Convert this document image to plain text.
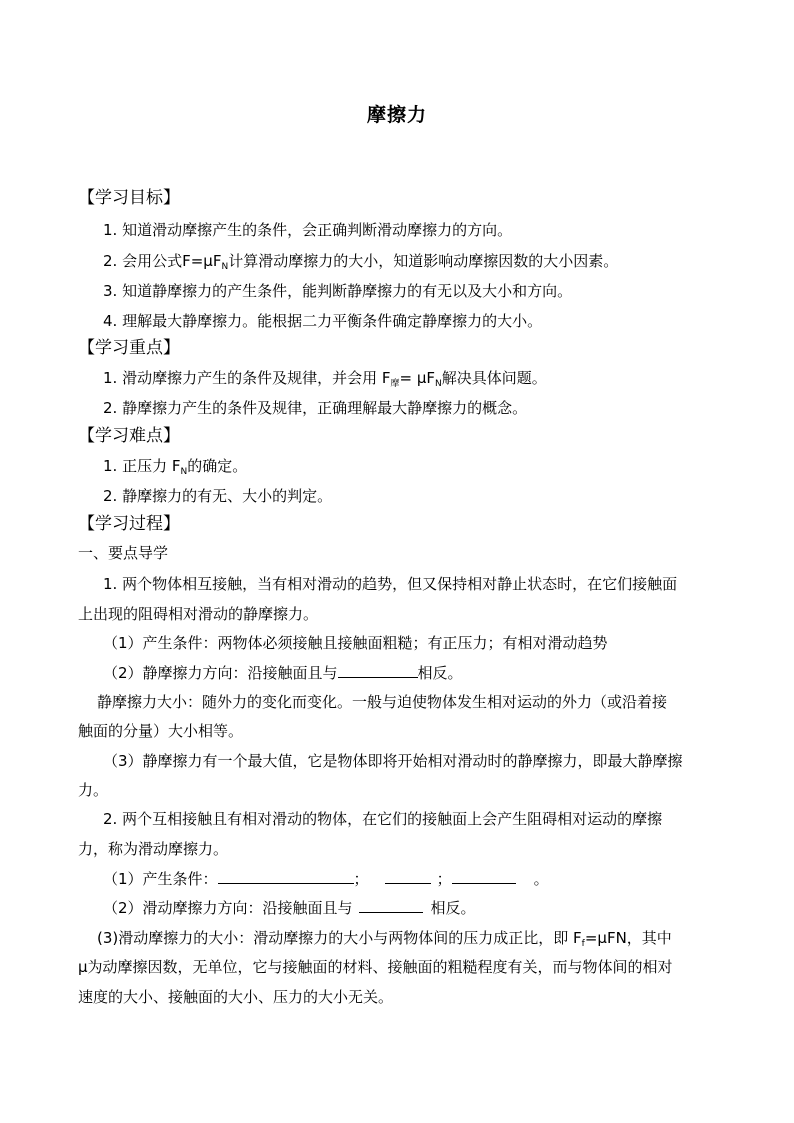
摩擦力
【学习目标】
1. 知道滑动摩擦产生的条件，会正确判断滑动摩擦力的方向。
2. 会用公式$F=\mu F_N$计算滑动摩擦力的大小，知道影响动摩擦因数的大小因素。
3. 知道静摩擦力的产生条件，能判断静摩擦力的有无以及大小和方向。
4. 理解最大静摩擦力。能根据二力平衡条件确定静摩擦力的大小。
【学习重点】
1. 滑动摩擦力产生的条件及规律，并会用 $F_摩= \mu F_N$解决具体问题。
2. 静摩擦力产生的条件及规律，正确理解最大静摩擦力的概念。
【学习难点】
1. 正压力 $F_N$的确定。
2. 静摩擦力的有无、大小的判定。
【学习过程】
一、要点导学
1. 两个物体相互接触，当有相对滑动的趋势，但又保持相对静止状态时，在它们接触面
上出现的阻碍相对滑动的静摩擦力。
（1）产生条件：两物体必须接触且接触面粗糙；有正压力；有相对滑动趋势
（2）静摩擦力方向：沿接触面且与	相反。
静摩擦力大小：随外力的变化而变化。一般与迫使物体发生相对运动的外力（或沿着接
触面的分量）大小相等。
（3）静摩擦力有一个最大值，它是物体即将开始相对滑动时的静摩擦力，即最大静摩擦
力。
2. 两个互相接触且有相对滑动的物体，在它们的接触面上会产生阻碍相对运动的摩擦
力，称为滑动摩擦力。
（1）产生条件：	；	；	。
（2）滑动摩擦力方向：沿接触面且与	相反。
(3)滑动摩擦力的大小：滑动摩擦力的大小与两物体间的压力成正比，即 $F_f=\mu FN$，其中
μ为动摩擦因数，无单位，它与接触面的材料、接触面的粗糙程度有关，而与物体间的相对
速度的大小、接触面的大小、压力的大小无关。
